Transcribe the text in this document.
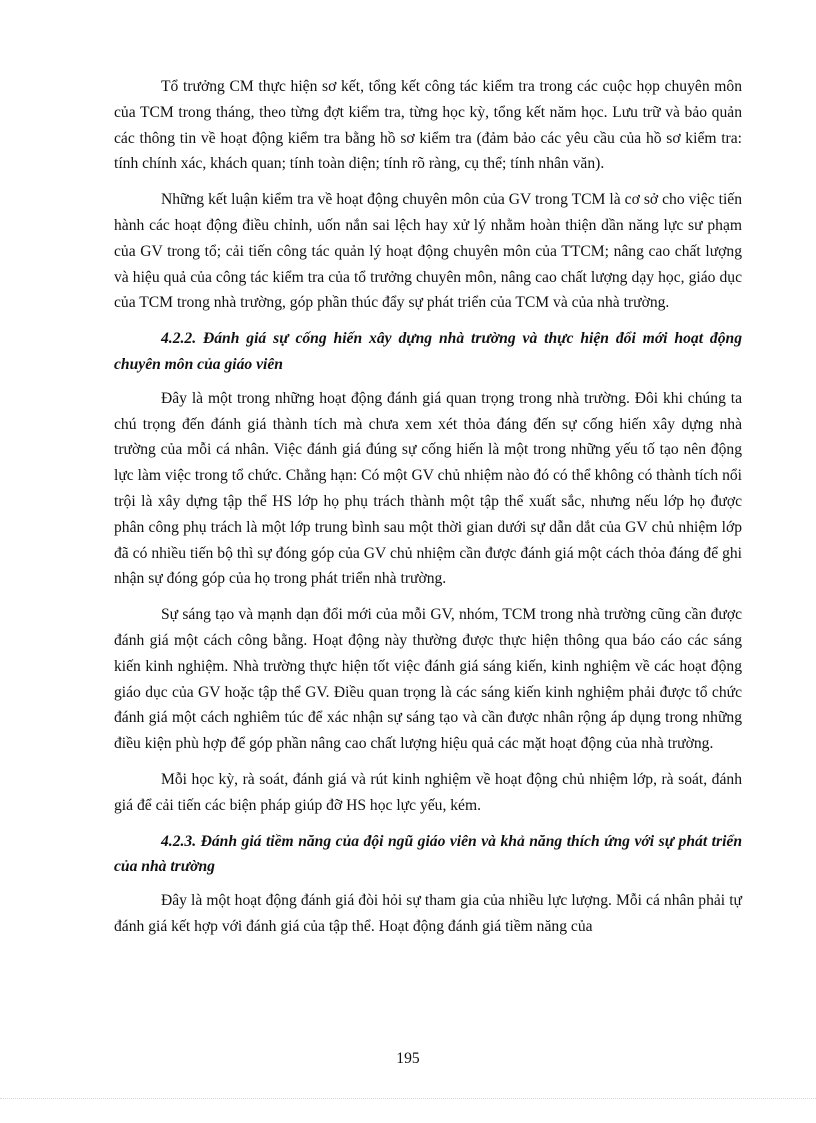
Tổ trưởng CM thực hiện sơ kết, tổng kết công tác kiểm tra trong các cuộc họp chuyên môn của TCM trong tháng, theo từng đợt kiểm tra, từng học kỳ, tổng kết năm học. Lưu trữ và bảo quản các thông tin về hoạt động kiểm tra bằng hồ sơ kiểm tra (đảm bảo các yêu cầu của hồ sơ kiểm tra: tính chính xác, khách quan; tính toàn diện; tính rõ ràng, cụ thể; tính nhân văn).

Những kết luận kiểm tra về hoạt động chuyên môn của GV trong TCM là cơ sở cho việc tiến hành các hoạt động điều chỉnh, uốn nắn sai lệch hay xử lý nhằm hoàn thiện dần năng lực sư phạm của GV trong tổ; cải tiến công tác quản lý hoạt động chuyên môn của TTCM; nâng cao chất lượng và hiệu quả của công tác kiểm tra của tổ trưởng chuyên môn, nâng cao chất lượng dạy học, giáo dục của TCM trong nhà trường, góp phần thúc đẩy sự phát triển của TCM và của nhà trường.

4.2.2. Đánh giá sự cống hiến xây dựng nhà trường và thực hiện đổi mới hoạt động chuyên môn của giáo viên

Đây là một trong những hoạt động đánh giá quan trọng trong nhà trường. Đôi khi chúng ta chú trọng đến đánh giá thành tích mà chưa xem xét thỏa đáng đến sự cống hiến xây dựng nhà trường của mỗi cá nhân. Việc đánh giá đúng sự cống hiến là một trong những yếu tố tạo nên động lực làm việc trong tổ chức. Chẳng hạn: Có một GV chủ nhiệm nào đó có thể không có thành tích nổi trội là xây dựng tập thể HS lớp họ phụ trách thành một tập thể xuất sắc, nhưng nếu lớp họ được phân công phụ trách là một lớp trung bình sau một thời gian dưới sự dẫn dắt của GV chủ nhiệm lớp đã có nhiều tiến bộ thì sự đóng góp của GV chủ nhiệm cần được đánh giá một cách thỏa đáng để ghi nhận sự đóng góp của họ trong phát triển nhà trường.

Sự sáng tạo và mạnh dạn đổi mới của mỗi GV, nhóm, TCM trong nhà trường cũng cần được đánh giá một cách công bằng. Hoạt động này thường được thực hiện thông qua báo cáo các sáng kiến kinh nghiệm. Nhà trường thực hiện tốt việc đánh giá sáng kiến, kinh nghiệm về các hoạt động giáo dục của GV hoặc tập thể GV. Điều quan trọng là các sáng kiến kinh nghiệm phải được tổ chức đánh giá một cách nghiêm túc để xác nhận sự sáng tạo và cần được nhân rộng áp dụng trong những điều kiện phù hợp để góp phần nâng cao chất lượng hiệu quả các mặt hoạt động của nhà trường.

Mỗi học kỳ, rà soát, đánh giá và rút kinh nghiệm về hoạt động chủ nhiệm lớp, rà soát, đánh giá để cải tiến các biện pháp giúp đỡ HS học lực yếu, kém.

4.2.3. Đánh giá tiềm năng của đội ngũ giáo viên và khả năng thích ứng với sự phát triển của nhà trường

Đây là một hoạt động đánh giá đòi hỏi sự tham gia của nhiều lực lượng. Mỗi cá nhân phải tự đánh giá kết hợp với đánh giá của tập thể. Hoạt động đánh giá tiềm năng của

195
